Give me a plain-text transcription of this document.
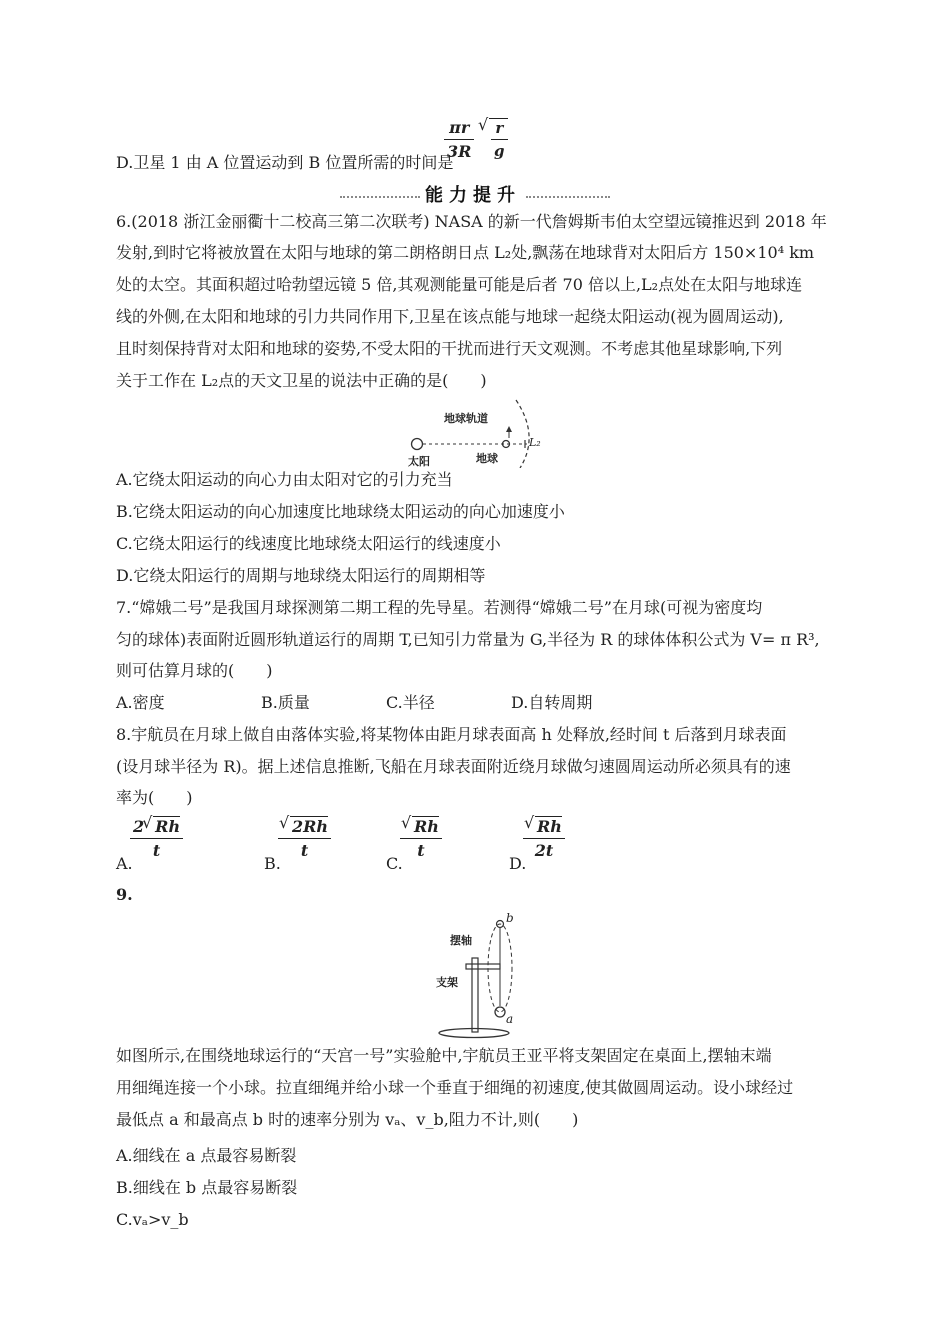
D.卫星 1 由 A 位置运动到 B 位置所需的时间是
$\frac{\pi r}{3R}$
√ $\frac{r}{g}$
能力提升
6.(2018 浙江金丽衢十二校高三第二次联考) NASA 的新一代詹姆斯韦伯太空望远镜推迟到 2018 年
发射,到时它将被放置在太阳与地球的第二朗格朗日点 L₂处,飘荡在地球背对太阳后方 150×10⁴ km
处的太空。其面积超过哈勃望远镜 5 倍,其观测能量可能是后者 70 倍以上,L₂点处在太阳与地球连
线的外侧,在太阳和地球的引力共同作用下,卫星在该点能与地球一起绕太阳运动(视为圆周运动),
且时刻保持背对太阳和地球的姿势,不受太阳的干扰而进行天文观测。不考虑其他星球影响,下列
关于工作在 L₂点的天文卫星的说法中正确的是(　　)
地球轨道
太阳	地球
L₂
A.它绕太阳运动的向心力由太阳对它的引力充当
B.它绕太阳运动的向心加速度比地球绕太阳运动的向心加速度小
C.它绕太阳运行的线速度比地球绕太阳运行的线速度小
D.它绕太阳运行的周期与地球绕太阳运行的周期相等
7.“嫦娥二号”是我国月球探测第二期工程的先导星。若测得“嫦娥二号”在月球(可视为密度均
匀的球体)表面附近圆形轨道运行的周期 T,已知引力常量为 G,半径为 R 的球体体积公式为 V= π R³,
则可估算月球的(　　)
A.密度	B.质量	C.半径	D.自转周期
8.宇航员在月球上做自由落体实验,将某物体由距月球表面高 h 处释放,经时间 t 后落到月球表面
(设月球半径为 R)。据上述信息推断,飞船在月球表面附近绕月球做匀速圆周运动所必须具有的速
率为(　　)
A.
$\frac{2 √ Rh}{t}$
B.
√ $\frac{2Rh}{t}$
C.
√ $\frac{Rh}{t}$
D.
√ $\frac{Rh}{2t}$
9.
摆轴
支架
a
b
如图所示,在围绕地球运行的“天宫一号”实验舱中,宇航员王亚平将支架固定在桌面上,摆轴末端
用细绳连接一个小球。拉直细绳并给小球一个垂直于细绳的初速度,使其做圆周运动。设小球经过
最低点 a 和最高点 b 时的速率分别为 vₐ、v_b,阻力不计,则(　　)
A.细线在 a 点最容易断裂
B.细线在 b 点最容易断裂
C.vₐ>v_b
